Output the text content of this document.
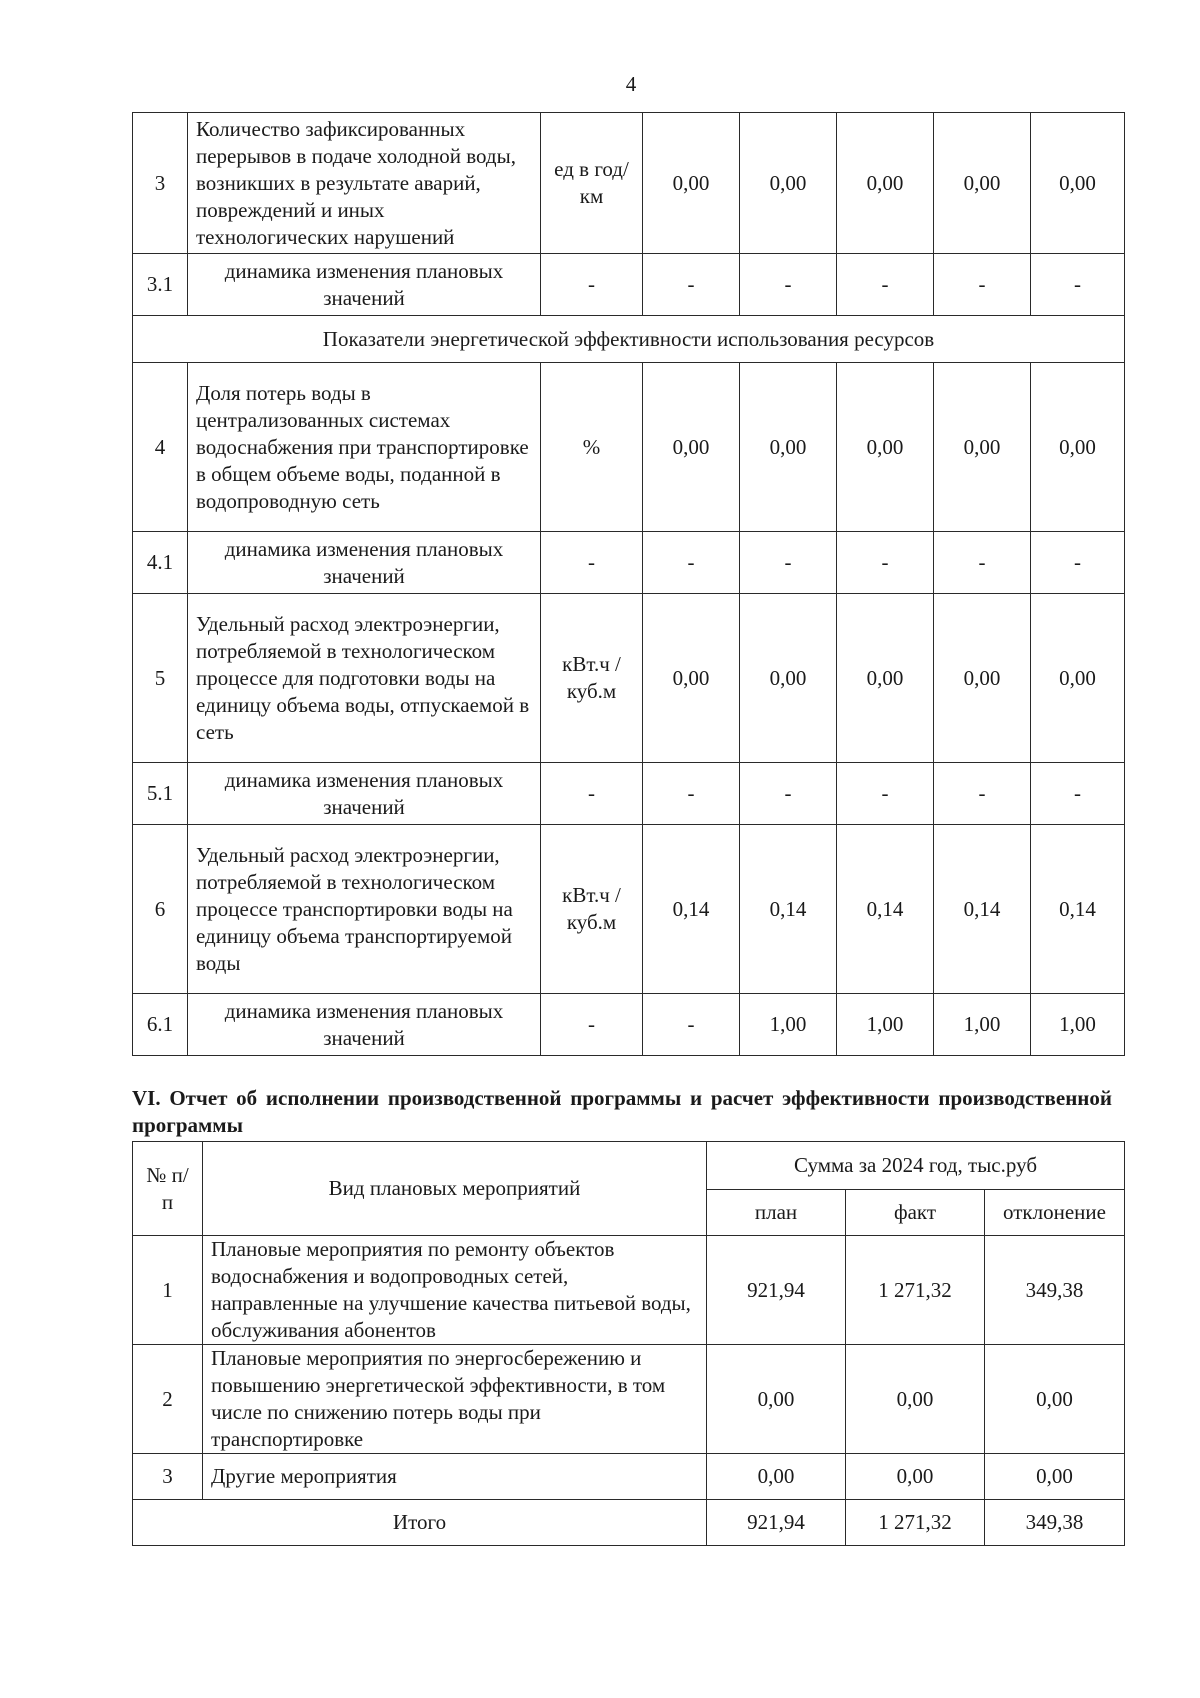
4
3	Количество зафиксированных перерывов в подаче холодной воды, возникших в результате аварий, повреждений и иных технологических нарушений	ед в год/ км	0,00	0,00	0,00	0,00	0,00
3.1	динамика изменения плановых значений	-	-	-	-	-	-
Показатели энергетической эффективности использования ресурсов							
4	Доля потерь воды в централизованных системах водоснабжения при транспортировке в общем объеме воды, поданной в водопроводную сеть	%	0,00	0,00	0,00	0,00	0,00
4.1	динамика изменения плановых значений	-	-	-	-	-	-
5	Удельный расход электроэнергии, потребляемой в технологическом процессе для подготовки воды на единицу объема воды, отпускаемой в сеть	кВт.ч / куб.м	0,00	0,00	0,00	0,00	0,00
5.1	динамика изменения плановых значений	-	-	-	-	-	-
6	Удельный расход электроэнергии, потребляемой в технологическом процессе транспортировки воды на единицу объема транспортируемой воды	кВт.ч / куб.м	0,14	0,14	0,14	0,14	0,14
6.1	динамика изменения плановых значений	-	-	1,00	1,00	1,00	1,00
VI. Отчет об исполнении производственной программы и расчет эффективности производственной программы
№ п/п	Вид плановых мероприятий	Сумма за 2024 год, тыс.руб		
		план	факт	отклонение
1	Плановые мероприятия по ремонту объектов водоснабжения и водопроводных сетей, направленные на улучшение качества питьевой воды, обслуживания абонентов	921,94	1 271,32	349,38
2	Плановые мероприятия по энергосбережению и повышению энергетической эффективности, в том числе по снижению потерь воды при транспортировке	0,00	0,00	0,00
3	Другие мероприятия	0,00	0,00	0,00
Итого		921,94	1 271,32	349,38
